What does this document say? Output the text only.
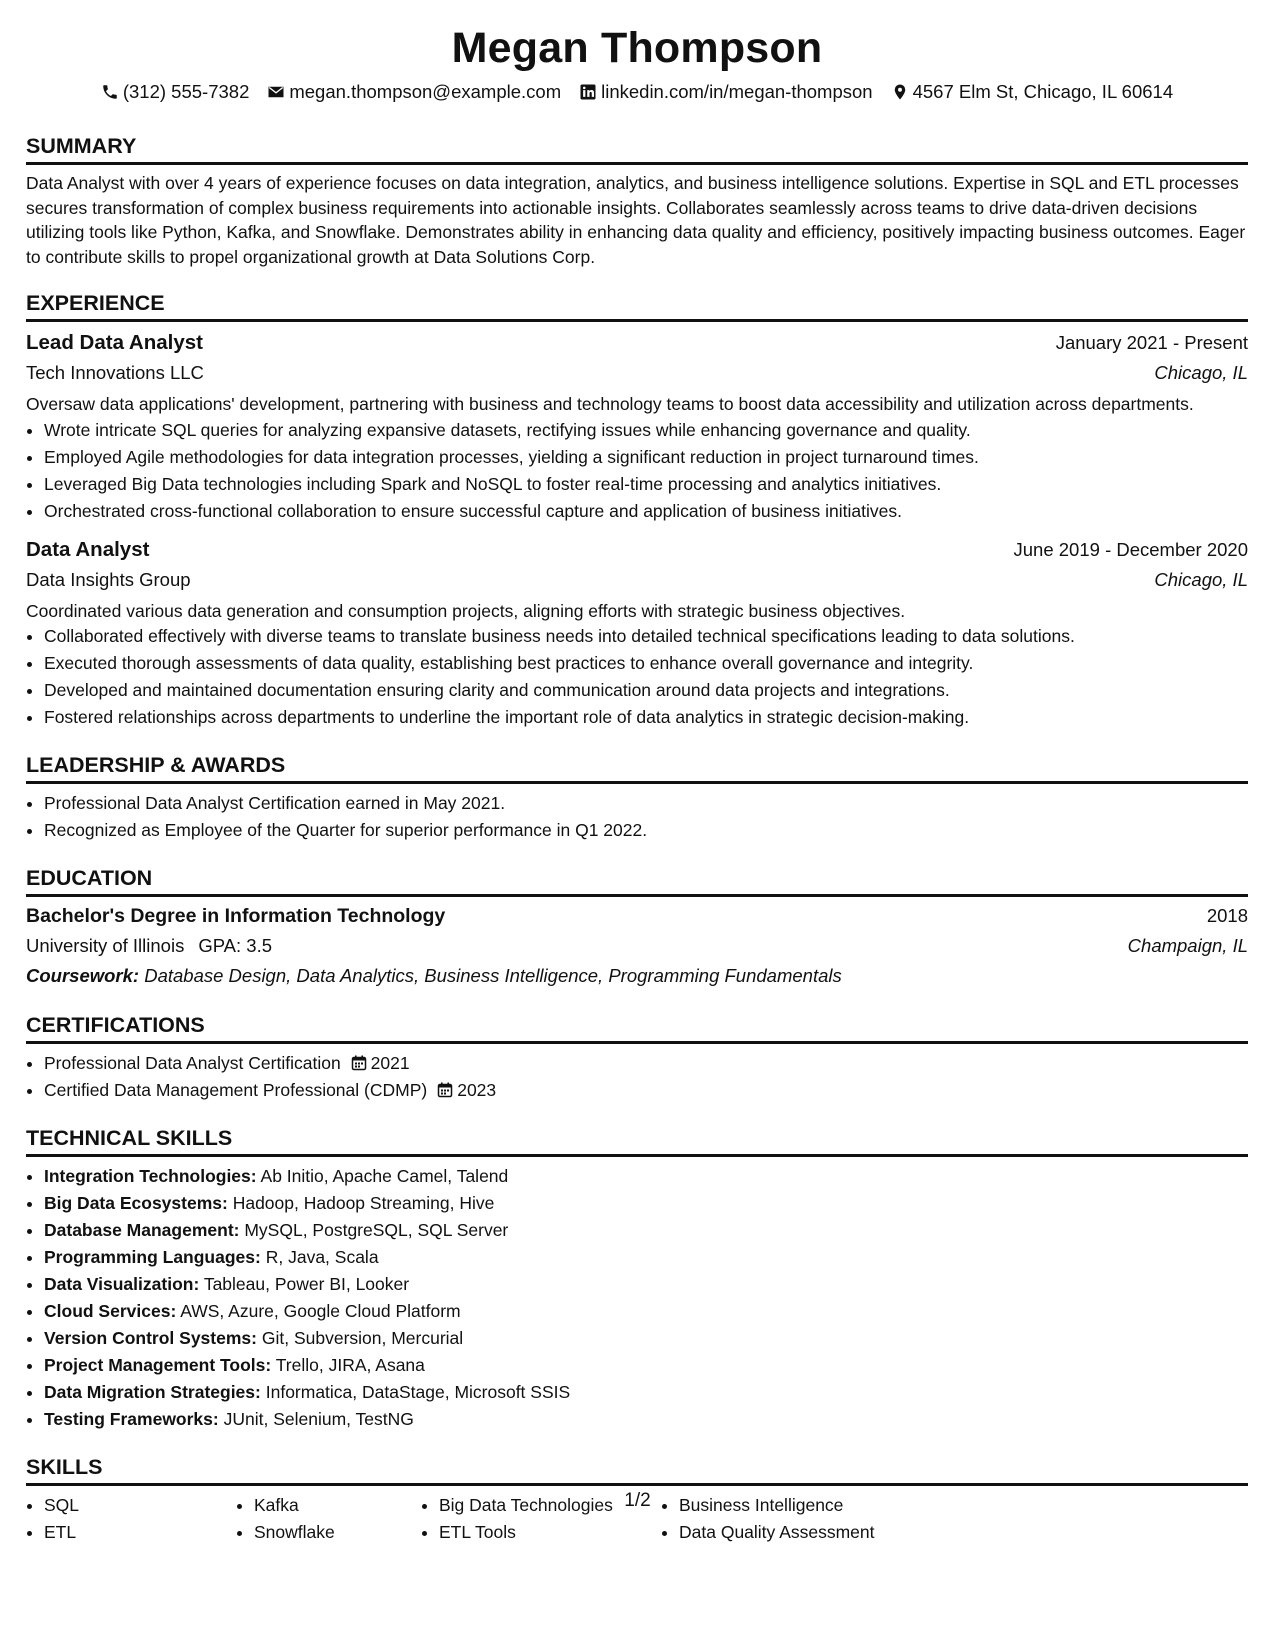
Megan Thompson
(312) 555-7382 megan.thompson@example.com linkedin.com/in/megan-thompson 4567 Elm St, Chicago, IL 60614
SUMMARY
Data Analyst with over 4 years of experience focuses on data integration, analytics, and business intelligence solutions. Expertise in SQL and ETL processes secures transformation of complex business requirements into actionable insights. Collaborates seamlessly across teams to drive data-driven decisions utilizing tools like Python, Kafka, and Snowflake. Demonstrates ability in enhancing data quality and efficiency, positively impacting business outcomes. Eager to contribute skills to propel organizational growth at Data Solutions Corp.
EXPERIENCE
Lead Data Analyst	January 2021 - Present
Tech Innovations LLC	Chicago, IL
Oversaw data applications' development, partnering with business and technology teams to boost data accessibility and utilization across departments.
• Wrote intricate SQL queries for analyzing expansive datasets, rectifying issues while enhancing governance and quality.
• Employed Agile methodologies for data integration processes, yielding a significant reduction in project turnaround times.
• Leveraged Big Data technologies including Spark and NoSQL to foster real-time processing and analytics initiatives.
• Orchestrated cross-functional collaboration to ensure successful capture and application of business initiatives.
Data Analyst	June 2019 - December 2020
Data Insights Group	Chicago, IL
Coordinated various data generation and consumption projects, aligning efforts with strategic business objectives.
• Collaborated effectively with diverse teams to translate business needs into detailed technical specifications leading to data solutions.
• Executed thorough assessments of data quality, establishing best practices to enhance overall governance and integrity.
• Developed and maintained documentation ensuring clarity and communication around data projects and integrations.
• Fostered relationships across departments to underline the important role of data analytics in strategic decision-making.
LEADERSHIP & AWARDS
• Professional Data Analyst Certification earned in May 2021.
• Recognized as Employee of the Quarter for superior performance in Q1 2022.
EDUCATION
Bachelor's Degree in Information Technology	2018
University of Illinois GPA: 3.5	Champaign, IL
Coursework: Database Design, Data Analytics, Business Intelligence, Programming Fundamentals
CERTIFICATIONS
• Professional Data Analyst Certification 2021
• Certified Data Management Professional (CDMP) 2023
TECHNICAL SKILLS
• Integration Technologies: Ab Initio, Apache Camel, Talend
• Big Data Ecosystems: Hadoop, Hadoop Streaming, Hive
• Database Management: MySQL, PostgreSQL, SQL Server
• Programming Languages: R, Java, Scala
• Data Visualization: Tableau, Power BI, Looker
• Cloud Services: AWS, Azure, Google Cloud Platform
• Version Control Systems: Git, Subversion, Mercurial
• Project Management Tools: Trello, JIRA, Asana
• Data Migration Strategies: Informatica, DataStage, Microsoft SSIS
• Testing Frameworks: JUnit, Selenium, TestNG
SKILLS
• SQL
• ETL
• Kafka
• Snowflake
• Big Data Technologies
• ETL Tools
• Business Intelligence
• Data Quality Assessment
1/2
